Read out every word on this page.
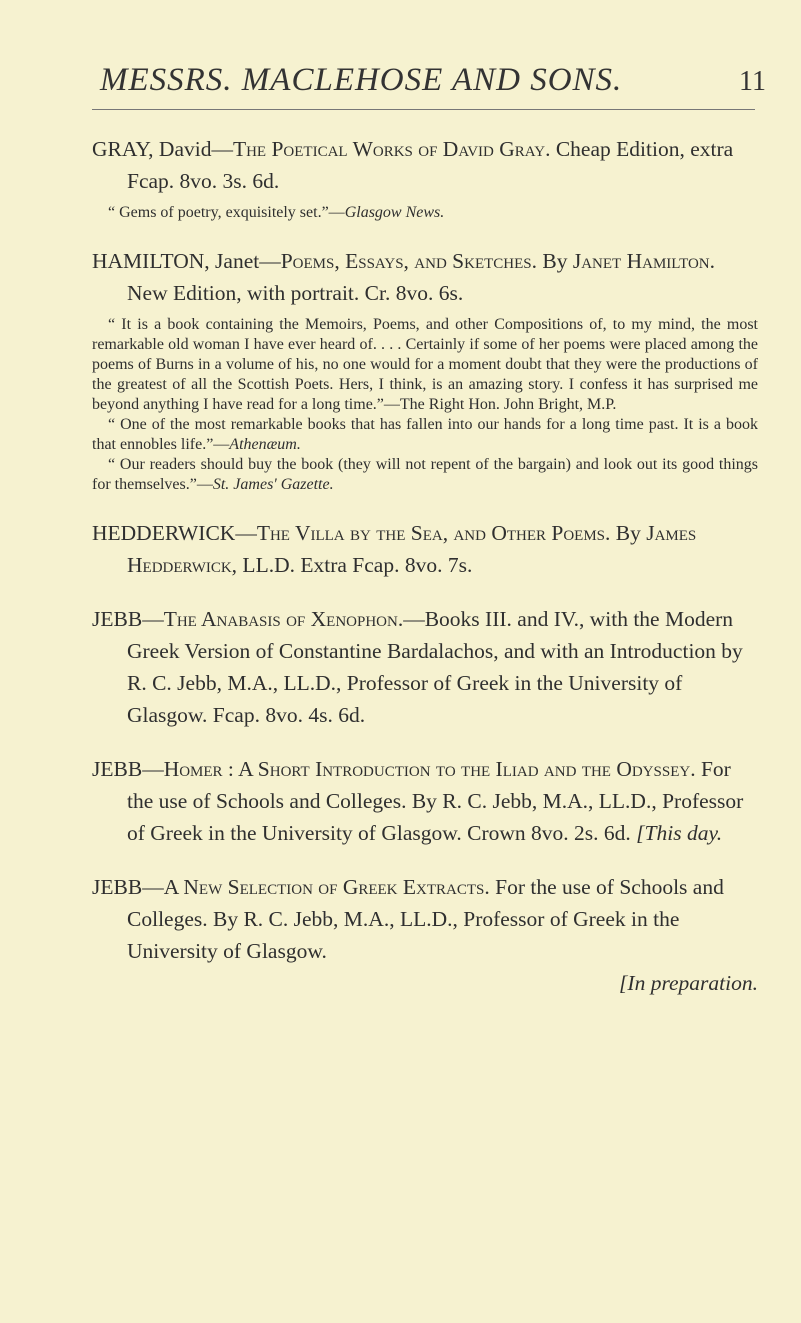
MESSRS. MACLEHOSE AND SONS.	11

GRAY, David—The Poetical Works of David Gray. Cheap Edition, extra Fcap. 8vo. 3s. 6d.

“ Gems of poetry, exquisitely set.”—Glasgow News.

HAMILTON, Janet—Poems, Essays, and Sketches. By Janet Hamilton. New Edition, with portrait. Cr. 8vo. 6s.

“ It is a book containing the Memoirs, Poems, and other Compositions of, to my mind, the most remarkable old woman I have ever heard of. . . . Certainly if some of her poems were placed among the poems of Burns in a volume of his, no one would for a moment doubt that they were the productions of the greatest of all the Scottish Poets. Hers, I think, is an amazing story. I confess it has surprised me beyond anything I have read for a long time.”—The Right Hon. John Bright, M.P.

“ One of the most remarkable books that has fallen into our hands for a long time past. It is a book that ennobles life.”—Athenæum.

“ Our readers should buy the book (they will not repent of the bargain) and look out its good things for themselves.”—St. James' Gazette.

HEDDERWICK—The Villa by the Sea, and Other Poems. By James Hedderwick, LL.D. Extra Fcap. 8vo. 7s.

JEBB—The Anabasis of Xenophon.—Books III. and IV., with the Modern Greek Version of Constantine Bardalachos, and with an Introduction by R. C. Jebb, M.A., LL.D., Professor of Greek in the University of Glasgow. Fcap. 8vo. 4s. 6d.

JEBB—Homer : A Short Introduction to the Iliad and the Odyssey. For the use of Schools and Colleges. By R. C. Jebb, M.A., LL.D., Professor of Greek in the University of Glasgow. Crown 8vo. 2s. 6d. [This day.

JEBB—A New Selection of Greek Extracts. For the use of Schools and Colleges. By R. C. Jebb, M.A., LL.D., Professor of Greek in the University of Glasgow.

[In preparation.
